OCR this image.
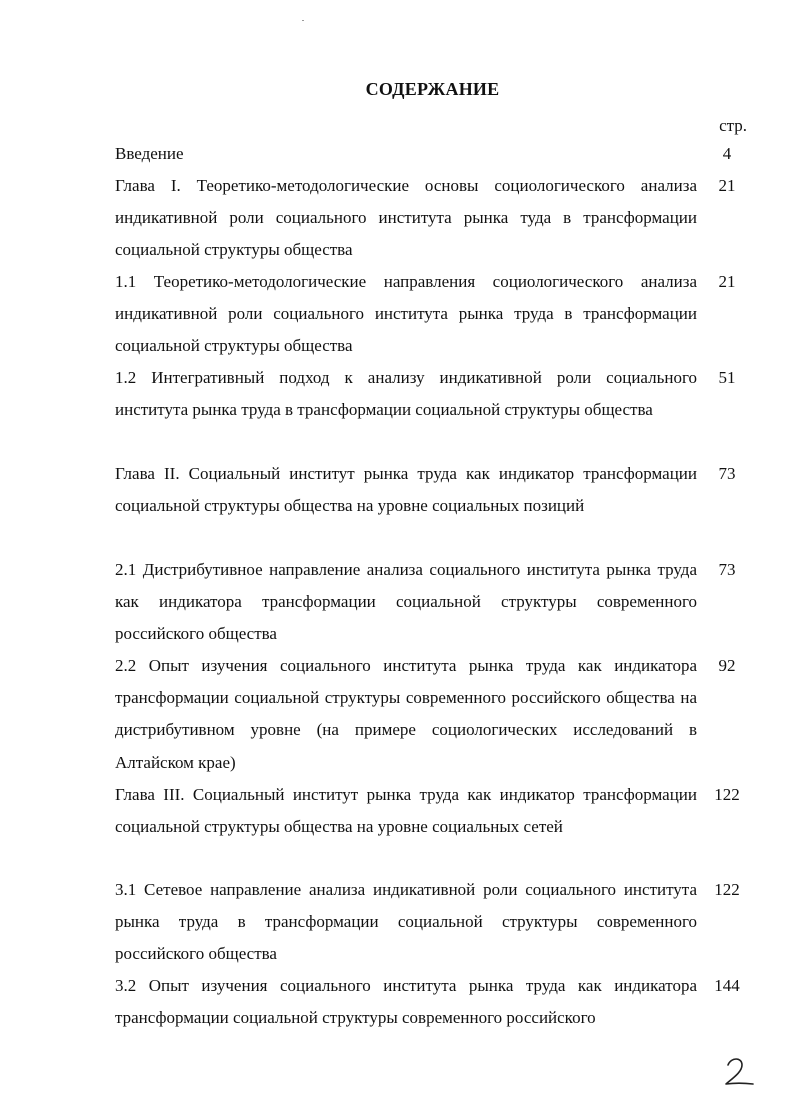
СОДЕРЖАНИЕ
стр.
Введение	4
Глава I. Теоретико-методологические основы социологического анализа индикативной роли социального института рынка туда в трансформации социальной структуры общества
21
1.1 Теоретико-методологические направления социологического анализа индикативной роли социального института рынка труда в трансформации социальной структуры общества
21
1.2 Интегративный подход к анализу индикативной роли социального института рынка труда в трансформации социальной структуры общества
51
Глава II. Социальный институт рынка труда как индикатор трансформации социальной структуры общества на уровне социальных позиций
73
2.1 Дистрибутивное направление анализа социального института рынка труда как индикатора трансформации социальной структуры современного российского общества
73
2.2 Опыт изучения социального института рынка труда как индикатора трансформации социальной структуры современного российского общества на дистрибутивном уровне (на примере социологических исследований в Алтайском крае)
92
Глава III. Социальный институт рынка труда как индикатор трансформации социальной структуры общества на уровне социальных сетей
122
3.1 Сетевое направление анализа индикативной роли социального института рынка труда в трансформации социальной структуры современного российского общества
122
3.2 Опыт изучения социального института рынка труда как индикатора трансформации социальной структуры современного российского
144
